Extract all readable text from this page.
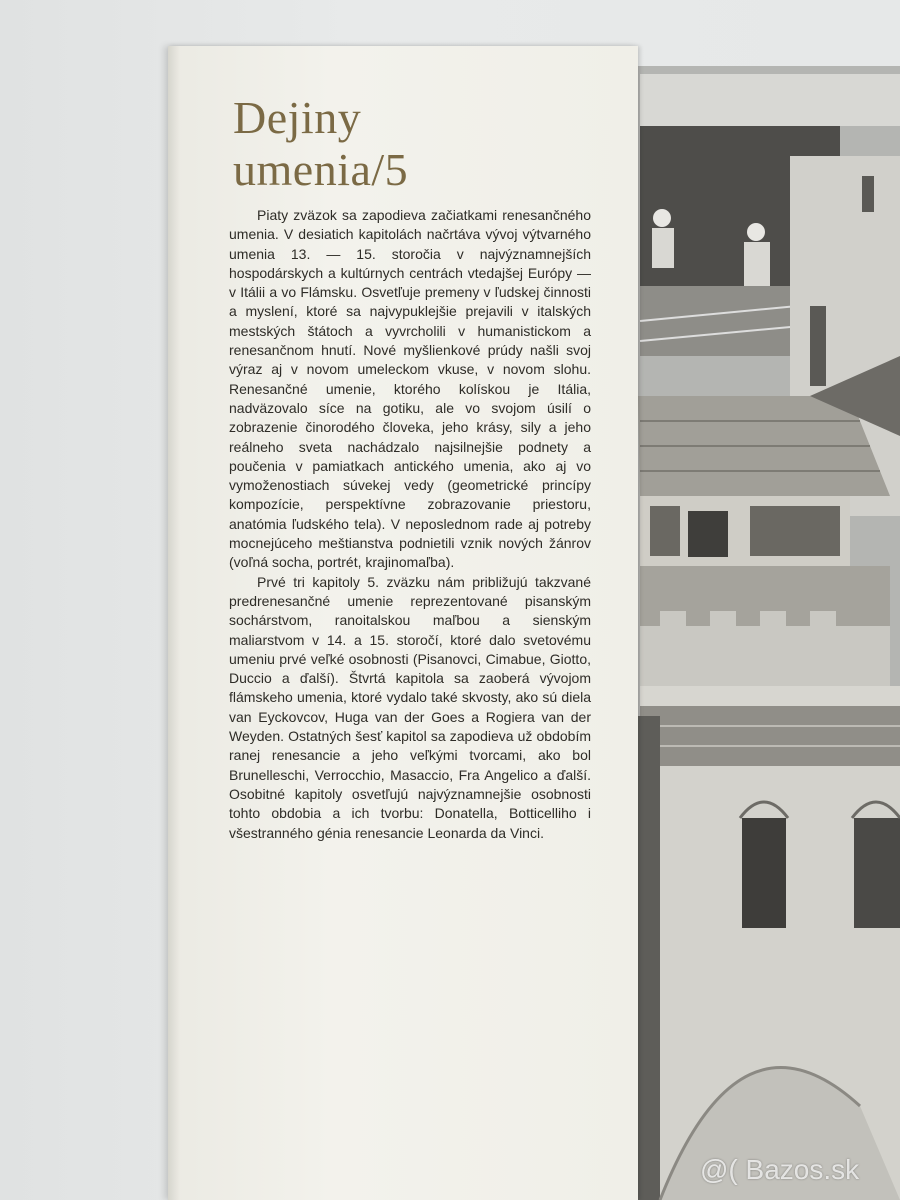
Dejiny
umenia/5

Piaty zväzok sa zapodieva začiatkami renesančného umenia. V desiatich kapitolách načrtáva vývoj výtvarného umenia 13. — 15. storočia v najvýznamnejších hospodárskych a kultúrnych centrách vtedajšej Európy — v Itálii a vo Flámsku. Osvetľuje premeny v ľudskej činnosti a myslení, ktoré sa najvypuklejšie prejavili v italských mestských štátoch a vyvrcholili v humanistickom a renesančnom hnutí. Nové myšlienkové prúdy našli svoj výraz aj v novom umeleckom vkuse, v novom slohu. Renesančné umenie, ktorého kolískou je Itália, nadväzovalo síce na gotiku, ale vo svojom úsilí o zobrazenie činorodého človeka, jeho krásy, sily a jeho reálneho sveta nachádzalo najsilnejšie podnety a poučenia v pamiatkach antického umenia, ako aj vo vymoženostiach súvekej vedy (geometrické princípy kompozície, perspektívne zobrazovanie priestoru, anatómia ľudského tela). V neposlednom rade aj potreby mocnejúceho meštianstva podnietili vznik nových žánrov (voľná socha, portrét, krajinomaľba).

Prvé tri kapitoly 5. zväzku nám približujú takzvané predrenesančné umenie reprezentované pisanským sochárstvom, ranoitalskou maľbou a sienským maliarstvom v 14. a 15. storočí, ktoré dalo svetovému umeniu prvé veľké osobnosti (Pisanovci, Cimabue, Giotto, Duccio a ďalší). Štvrtá kapitola sa zaoberá vývojom flámskeho umenia, ktoré vydalo také skvosty, ako sú diela van Eyckovcov, Huga van der Goes a Rogiera van der Weyden. Ostatných šesť kapitol sa zapodieva už obdobím ranej renesancie a jeho veľkými tvorcami, ako bol Brunelleschi, Verrocchio, Masaccio, Fra Angelico a ďalší. Osobitné kapitoly osvetľujú najvýznamnejšie osobnosti tohto obdobia a ich tvorbu: Donatella, Botticelliho i všestranného génia renesancie Leonarda da Vinci.

@( Bazos.sk
